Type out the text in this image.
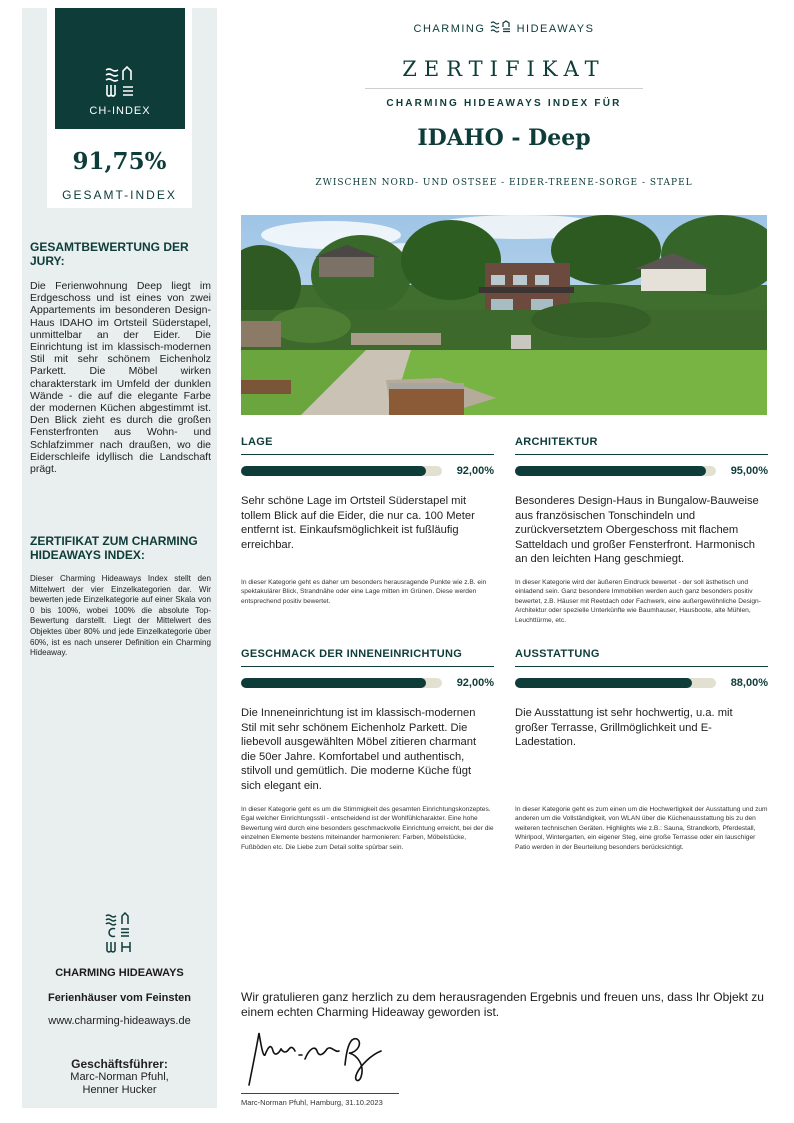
CH-INDEX
91,75%
GESAMT-INDEX
GESAMTBEWERTUNG DER JURY:
Die Ferienwohnung Deep liegt im Erdgeschoss und ist eines von zwei Appartements im besonderen Design-Haus IDAHO im Ortsteil Süderstapel, unmittelbar an der Eider. Die Einrichtung ist im klassisch-modernen Stil mit sehr schönem Eichenholz Parkett. Die Möbel wirken charakterstark im Umfeld der dunklen Wände - die auf die elegante Farbe der modernen Küchen abgestimmt ist. Den Blick zieht es durch die großen Fensterfronten aus Wohn- und Schlafzimmer nach draußen, wo die Eiderschleife idyllisch die Landschaft prägt.
ZERTIFIKAT ZUM CHARMING HIDEAWAYS INDEX:
Dieser Charming Hideaways Index stellt den Mittelwert der vier Einzelkategorien dar. Wir bewerten jede Einzelkategorie auf einer Skala von 0 bis 100%, wobei 100% die absolute Top-Bewertung darstellt. Liegt der Mittelwert des Objektes über 80% und jede Einzelkategorie über 60%, ist es nach unserer Definition ein Charming Hideaway.
CHARMING HIDEAWAYS
Ferienhäuser vom Feinsten
www.charming-hideaways.de
Geschäftsführer:
Marc-Norman Pfuhl,
Henner Hucker
CHARMING	HIDEAWAYS
ZERTIFIKAT
CHARMING HIDEAWAYS INDEX FÜR
IDAHO - Deep
ZWISCHEN NORD- UND OSTSEE - EIDER-TREENE-SORGE - STAPEL
LAGE
92,00%
Sehr schöne Lage im Ortsteil Süderstapel mit tollem Blick auf die Eider, die nur ca. 100 Meter entfernt ist. Einkaufsmöglichkeit ist fußläufig erreichbar.
In dieser Kategorie geht es daher um besonders herausragende Punkte wie z.B. ein spektakulärer Blick, Strandnähe oder eine Lage mitten im Grünen. Diese werden entsprechend positiv bewertet.
ARCHITEKTUR
95,00%
Besonderes Design-Haus in Bungalow-Bauweise aus französischen Tonschindeln und zurückversetztem Obergeschoss mit flachem Satteldach und großer Fensterfront. Harmonisch an den leichten Hang geschmiegt.
In dieser Kategorie wird der äußeren Eindruck bewertet - der soll ästhetisch und einladend sein. Ganz besondere Immobilien werden auch ganz besonders positiv bewertet, z.B. Häuser mit Reetdach oder Fachwerk, eine außergewöhnliche Design-Architektur oder spezielle Unterkünfte wie Baumhauser, Hausboote, alte Mühlen, Leuchttürme, etc.
GESCHMACK DER INNENEINRICHTUNG
92,00%
Die Inneneinrichtung ist im klassisch-modernen Stil mit sehr schönem Eichenholz Parkett. Die liebevoll ausgewählten Möbel zitieren charmant die 50er Jahre. Komfortabel und authentisch, stilvoll und gemütlich. Die moderne Küche fügt sich elegant ein.
In dieser Kategorie geht es um die Stimmigkeit des gesamten Einrichtungskonzeptes. Egal welcher Einrichtungsstil - entscheidend ist der Wohlfühlcharakter. Eine hohe Bewertung wird durch eine besonders geschmackvolle Einrichtung erreicht, bei der die einzelnen Elemente bestens miteinander harmonieren: Farben, Möbelstücke, Fußböden etc. Die Liebe zum Detail sollte spürbar sein.
AUSSTATTUNG
88,00%
Die Ausstattung ist sehr hochwertig, u.a. mit großer Terrasse, Grillmöglichkeit und E-Ladestation.
In dieser Kategorie geht es zum einen um die Hochwertigkeit der Ausstattung und zum anderen um die Vollständigkeit, von WLAN über die Küchenausstattung bis zu den weiteren technischen Geräten. Highlights wie z.B.: Sauna, Strandkorb, Pferdestall, Whirlpool, Wintergarten, ein eigener Steg, eine große Terrasse oder ein lauschiger Patio werden in der Beurteilung besonders berücksichtigt.
Wir gratulieren ganz herzlich zu dem herausragenden Ergebnis und freuen uns, dass Ihr Objekt zu einem echten Charming Hideaway geworden ist.
Marc-Norman Pfuhl, Hamburg, 31.10.2023
